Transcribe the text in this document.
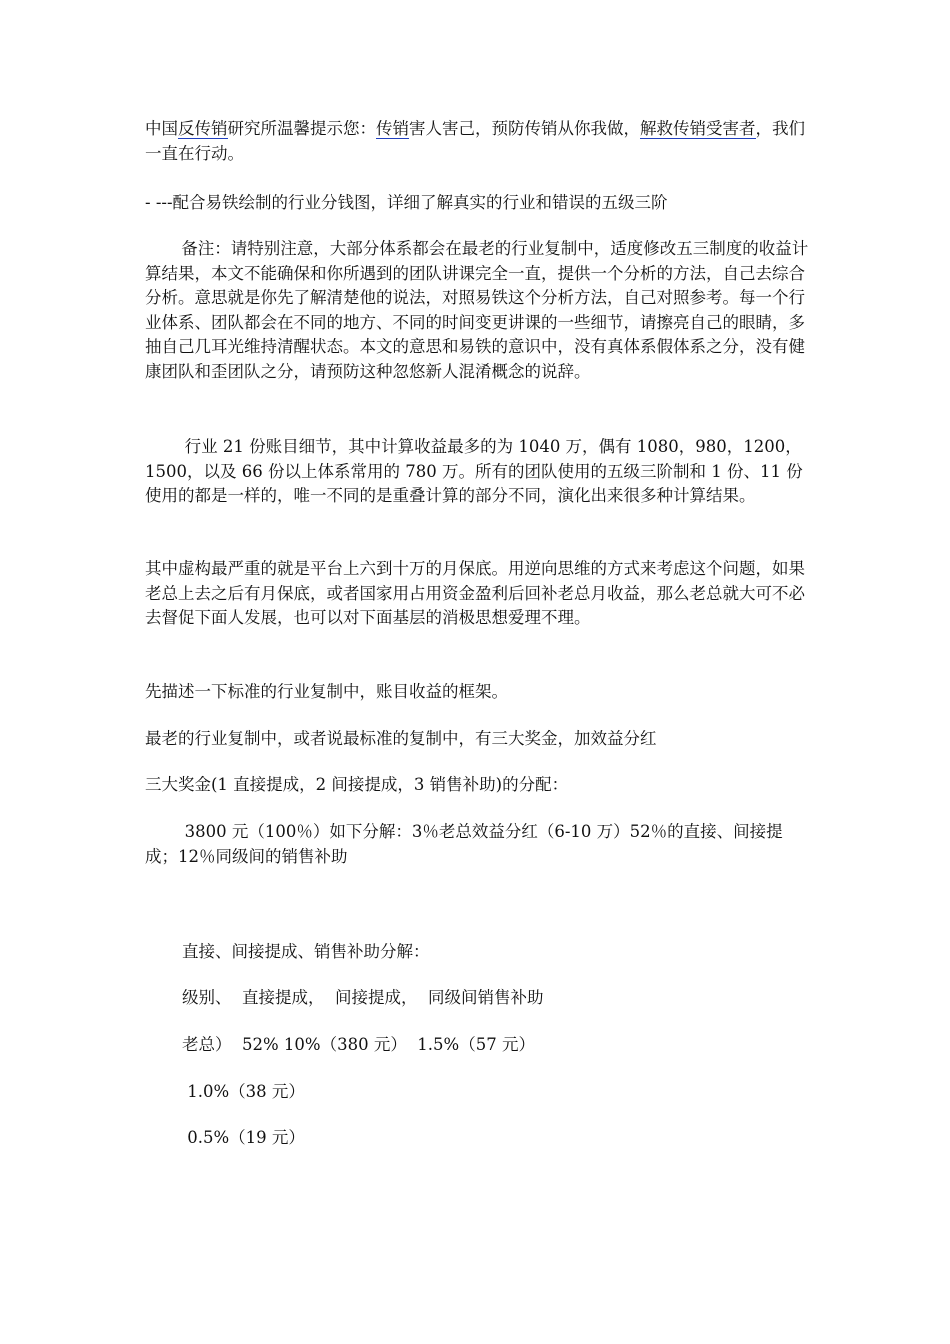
中国反传销研究所温馨提示您：传销害人害己，预防传销从你我做，解救传销受害者，我们一直在行动。

- ---配合易铁绘制的行业分钱图，详细了解真实的行业和错误的五级三阶

备注：请特别注意，大部分体系都会在最老的行业复制中，适度修改五三制度的收益计算结果，本文不能确保和你所遇到的团队讲课完全一直，提供一个分析的方法，自己去综合分析。意思就是你先了解清楚他的说法，对照易铁这个分析方法，自己对照参考。每一个行业体系、团队都会在不同的地方、不同的时间变更讲课的一些细节，请擦亮自己的眼睛，多抽自己几耳光维持清醒状态。本文的意思和易铁的意识中，没有真体系假体系之分，没有健康团队和歪团队之分，请预防这种忽悠新人混淆概念的说辞。

行业 21 份账目细节，其中计算收益最多的为 1040 万，偶有 1080，980，1200，1500，以及 66 份以上体系常用的 780 万。所有的团队使用的五级三阶制和 1 份、11 份使用的都是一样的，唯一不同的是重叠计算的部分不同，演化出来很多种计算结果。

其中虚构最严重的就是平台上六到十万的月保底。用逆向思维的方式来考虑这个问题，如果老总上去之后有月保底，或者国家用占用资金盈利后回补老总月收益，那么老总就大可不必去督促下面人发展，也可以对下面基层的消极思想爱理不理。

先描述一下标准的行业复制中，账目收益的框架。

最老的行业复制中，或者说最标准的复制中，有三大奖金，加效益分红

三大奖金(1 直接提成，2 间接提成，3 销售补助)的分配：

3800 元（100％）如下分解：3％老总效益分红（6-10 万）52％的直接、间接提成；12％同级间的销售补助

直接、间接提成、销售补助分解：
级别、  直接提成，  间接提成，  同级间销售补助
老总）  52% 10%（380 元）  1.5%（57 元）
1.0%（38 元）
0.5%（19 元）
